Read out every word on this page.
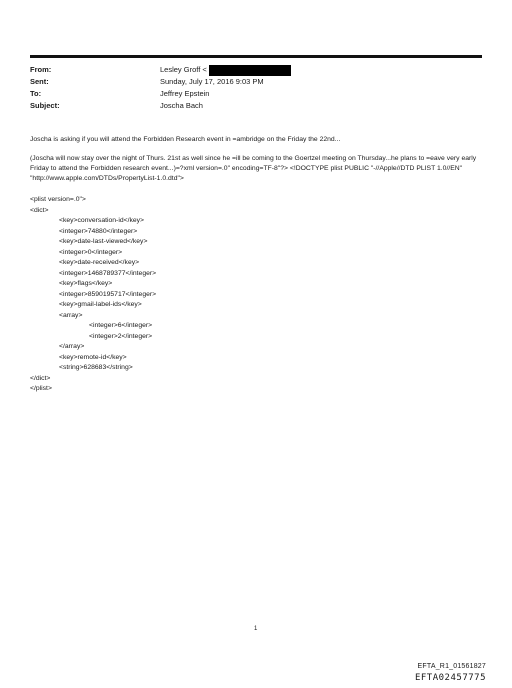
From:	Lesley Groff <
Sent:	Sunday, July 17, 2016 9:03 PM
To:	Jeffrey Epstein
Subject:	Joscha Bach

Joscha is asking if you will attend the Forbidden Research event in =ambridge on the Friday the 22nd...

(Joscha will now stay over the night of Thurs. 21st as well since he =ill be coming to the Goertzel meeting on Thursday...he plans to =eave very early Friday to attend the Forbidden research event...)=?xml version=.0" encoding=TF-8"?> <!DOCTYPE plist PUBLIC "-//Apple//DTD PLIST 1.0//EN" "http://www.apple.com/DTDs/PropertyList-1.0.dtd">

<plist version=.0">
<dict>
<key>conversation-id</key>
<integer>74880</integer>
<key>date-last-viewed</key>
<integer>0</integer>
<key>date-received</key>
<integer>1468789377</integer>
<key>flags</key>
<integer>8590195717</integer>
<key>gmail-label-ids</key>
<array>
<integer>6</integer>
<integer>2</integer>
</array>
<key>remote-id</key>
<string>628683</string>
</dict>
</plist>
1
EFTA_R1_01561827
EFTA02457775
